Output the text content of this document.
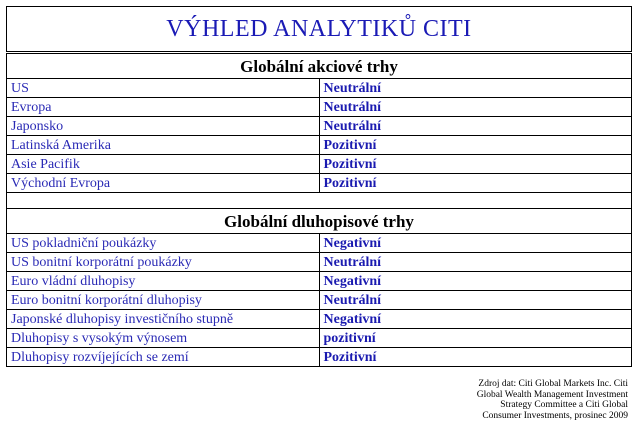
VÝHLED ANALYTIKŮ CITI
Globální akciové trhy	
US	Neutrální
Evropa	Neutrální
Japonsko	Neutrální
Latinská Amerika	Pozitivní
Asie Pacifik	Pozitivní
Východní Evropa	Pozitivní

Globální dluhopisové trhy	
US pokladniční poukázky	Negativní
US bonitní korporátní poukázky	Neutrální
Euro vládní dluhopisy	Negativní
Euro bonitní korporátní dluhopisy	Neutrální
Japonské dluhopisy investičního stupně	Negativní
Dluhopisy s vysokým výnosem	pozitivní
Dluhopisy rozvíjejících se zemí	Pozitivní
Zdroj dat: Citi Global Markets Inc. Citi
Global Wealth Management Investment
Strategy Committee a Citi Global
Consumer Investments, prosinec 2009
